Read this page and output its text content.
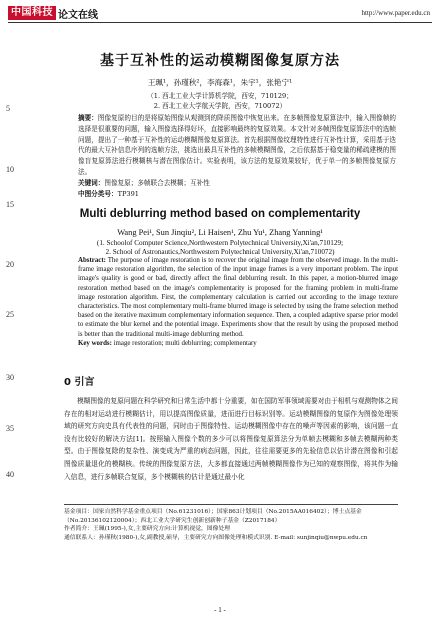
中国科技 论文在线	http://www.paper.edu.cn
5
10
15
20
25
30
35
40
基于互补性的运动模糊图像复原方法
王珮¹，孙瑾秋²，李海森¹，朱宇¹，张艳宁¹
（1. 西北工业大学计算机学院，西安，710129；
2. 西北工业大学航天学院，西安，710072）
摘要：图像复原的目的是将原始图像从观测到的降质图像中恢复出来。在多帧图像复原算法中，输入图像帧的选择是很重要的问题，输入图像选择得好坏，直接影响最终的复原效果。本文针对多帧图像复原算法中的选帧问题，提出了一种基于互补性的运动模糊图像复原算法。首先根据图像纹理特性进行互补性计算，采用基于迭代的最大互补信息序列的选帧方法，挑选出最具互补性的多帧模糊图像，之后依据基于稳变量的稀疏建模的图像盲复原算法进行模糊核与潜在图像估计。实验表明，该方法的复原效果较好，优于单一的多帧图像复原方法。
关键词：图像复原；多帧联合去模糊；互补性
中图分类号：TP391
Multi deblurring method based on complementarity
Wang Pei¹, Sun Jinqiu², Li Haisen¹, Zhu Yu¹, Zhang Yanning¹
(1. Schoolof Computer Science,Northwestern Polytechnical University,Xi'an,710129;
2. School of Astronautics,Northwestern Polytechnical University,Xi'an,710072)
Abstract: The purpose of image restoration is to recover the original image from the observed image. In the multi-frame image restoration algorithm, the selection of the input image frames is a very important problem. The input image's quality is good or bad, directly affect the final deblurring result. In this paper, a motion-blurred image restoration method based on the image's complementarity is proposed for the framing problem in multi-frame image restoration algorithm. First, the complementary calculation is carried out according to the image texture characteristics. The most complementary multi-frame blurred image is selected by using the frame selection method based on the iterative maximum complementary information sequence. Then, a coupled adaptive sparse prior model to estimate the blur kernel and the potential image. Experiments show that the result by using the proposed method is better than the traditional multi-image deblurring method.
Key words: image restoration; multi deblurring; complementary
0 引言
模糊图像的复原问题在科学研究和日常生活中都十分重要，如在国防军事领域需要对由于相机与观测物体之间存在的相对运动进行模糊估计，用以提高图像质量，进而进行目标识别等。运动模糊图像的复原作为图像处理领域的研究方向史具有代表性的问题，同时由于图像特性、运动模糊图像中存在的噪声等因素的影响，该问题一直没有比较好的解决方法[1]。按照输入图像个数的多少可以将图像复原算法分为单帧去模糊和多帧去模糊两种类型。由于图像复除的复杂性、演变成为严重的病态问题，因此，往往需要更多的先验信息以估计潜在图像和引起图像质量退化的模糊核。传统的图像复原方法，大多都直接通过两帧模糊图像作为已知的观察图像，将其作为输入信息，进行多帧联合复原，多个模糊核的估计是通过最小化
基金项目：国家自然科学基金重点项目（No.61231016）；国家863计划项目（No.2015AA016402）；博士点基金（No.20136102120004）；西北工业大学研究生创新创新种子基金（Z2017184）
作者简介：王珮(1995-),女,主要研究方向:计算机视觉，图像处理
通信联系人：孙瑾秋(1980-),女,副教授,硕导，主要研究方向图像处理和模式识别. E-mail: sunjinqiu@nwpu.edu.cn
- 1 -
